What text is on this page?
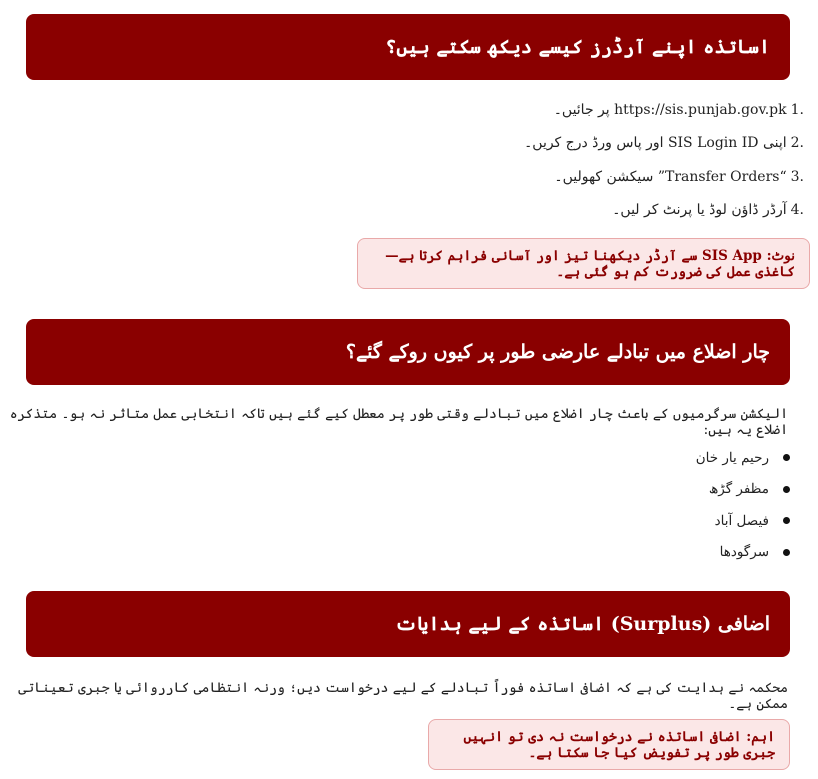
اساتذہ اپنے آرڈرز کیسے دیکھ سکتے ہیں؟
1.
https://sis.punjab.gov.pk پر جائیں۔
2.
اپنی SIS Login ID اور پاس ورڈ درج کریں۔
3.
“Transfer Orders” سیکشن کھولیں۔
4.
آرڈر ڈاؤن لوڈ یا پرنٹ کر لیں۔
نوٹ: SIS App سے آرڈر دیکھنا تیز اور آسانی فراہم کرتا ہے—کاغذی عمل کی ضرورت کم ہو گئی ہے۔
چار اضلاع میں تبادلے عارضی طور پر کیوں روکے گئے؟

الیکشن سرگرمیوں کے باعث چار اضلاع میں تبادلے وقتی طور پر معطل کیے گئے ہیں تاکہ انتخابی عمل متاثر نہ ہو۔ متذکرہ اضلاع یہ ہیں:

رحیم یار خان
مظفر گڑھ
فیصل آباد
سرگودھا
اضافی (Surplus) اساتذہ کے لیے ہدایات

محکمہ نے ہدایت کی ہے کہ اضافی اساتذہ فوراً تبادلے کے لیے درخواست دیں؛ ورنہ انتظامی کارروائی یا جبری تعیناتی ممکن ہے۔

اہم: اضافی اساتذہ نے درخواست نہ دی تو انہیں جبری طور پر تفویض کیا جا سکتا ہے۔
